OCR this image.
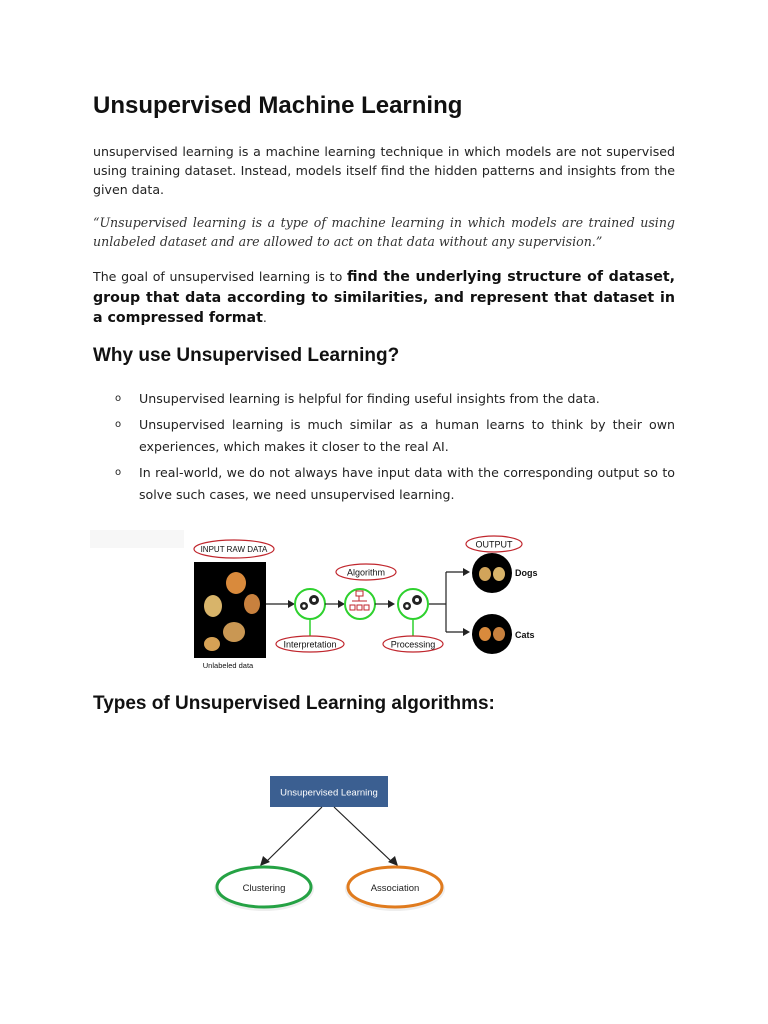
Unsupervised Machine Learning

unsupervised learning is a machine learning technique in which models are not supervised using training dataset. Instead, models itself find the hidden patterns and insights from the given data.

“Unsupervised learning is a type of machine learning in which models are trained using unlabeled dataset and are allowed to act on that data without any supervision.”

The goal of unsupervised learning is to find the underlying structure of dataset, group that data according to similarities, and represent that dataset in a compressed format.

Why use Unsupervised Learning?
o Unsupervised learning is helpful for finding useful insights from the data.
o Unsupervised learning is much similar as a human learns to think by their own experiences, which makes it closer to the real AI.
o In real-world, we do not always have input data with the corresponding output so to solve such cases, we need unsupervised learning.
Types of Unsupervised Learning algorithms:
INPUT RAW DATA
Unlabeled data
Algorithm
Interpretation	Processing
OUTPUT
Dogs
Cats
Unsupervised Learning
Clustering	Association
